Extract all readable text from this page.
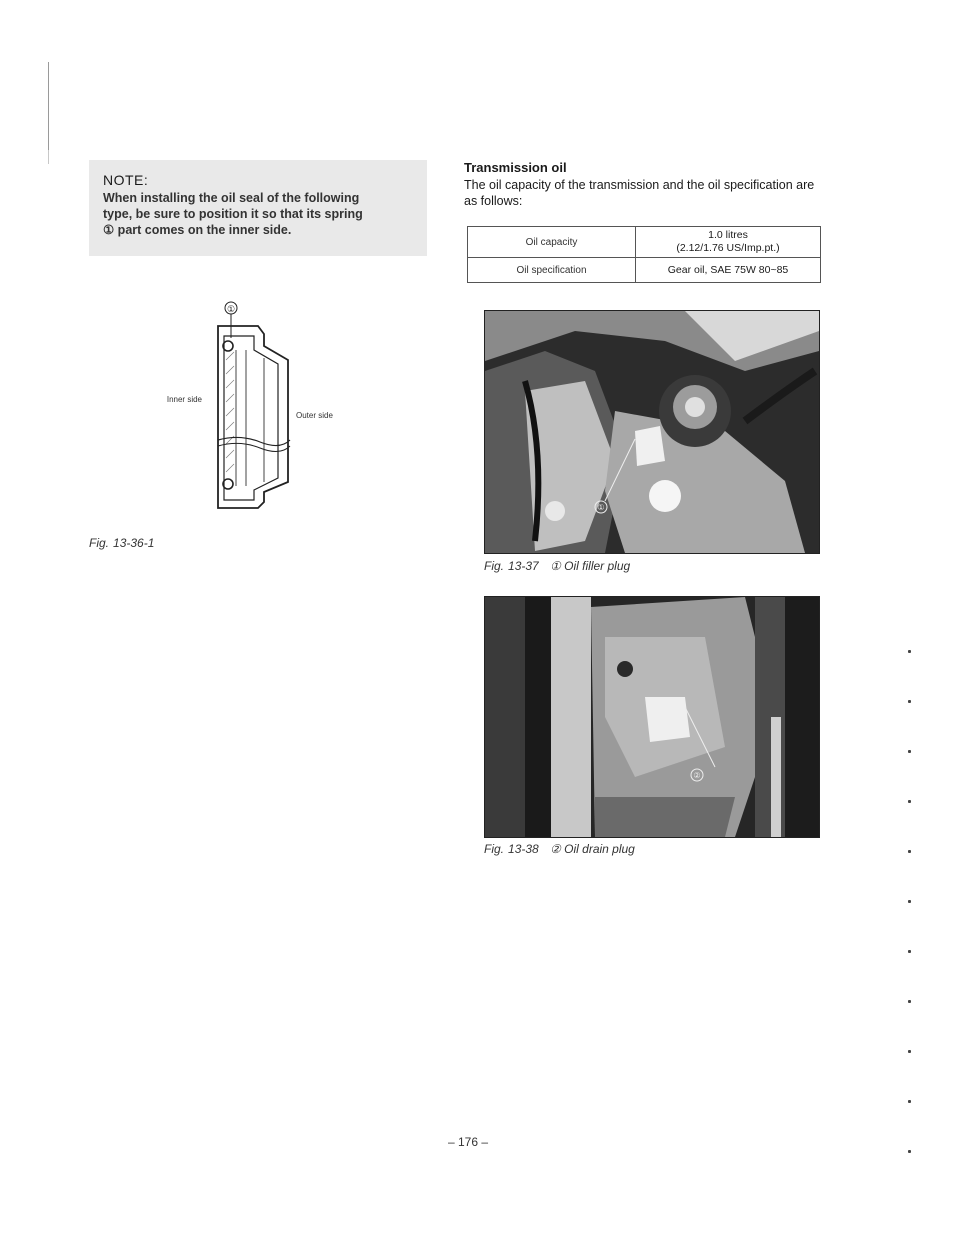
NOTE:
When installing the oil seal of the following
type, be sure to position it so that its spring
① part comes on the inner side.
①
Inner side
Outer side
Fig. 13-36-1
Transmission oil
The oil capacity of the transmission and the oil specification are as follows:
Oil capacity	1.0 litres
(2.12/1.76 US/Imp.pt.)

Oil specification	Gear oil, SAE 75W 80~85
①
Fig. 13-37 ① Oil filler plug
②
Fig. 13-38 ② Oil drain plug
– 176 –
